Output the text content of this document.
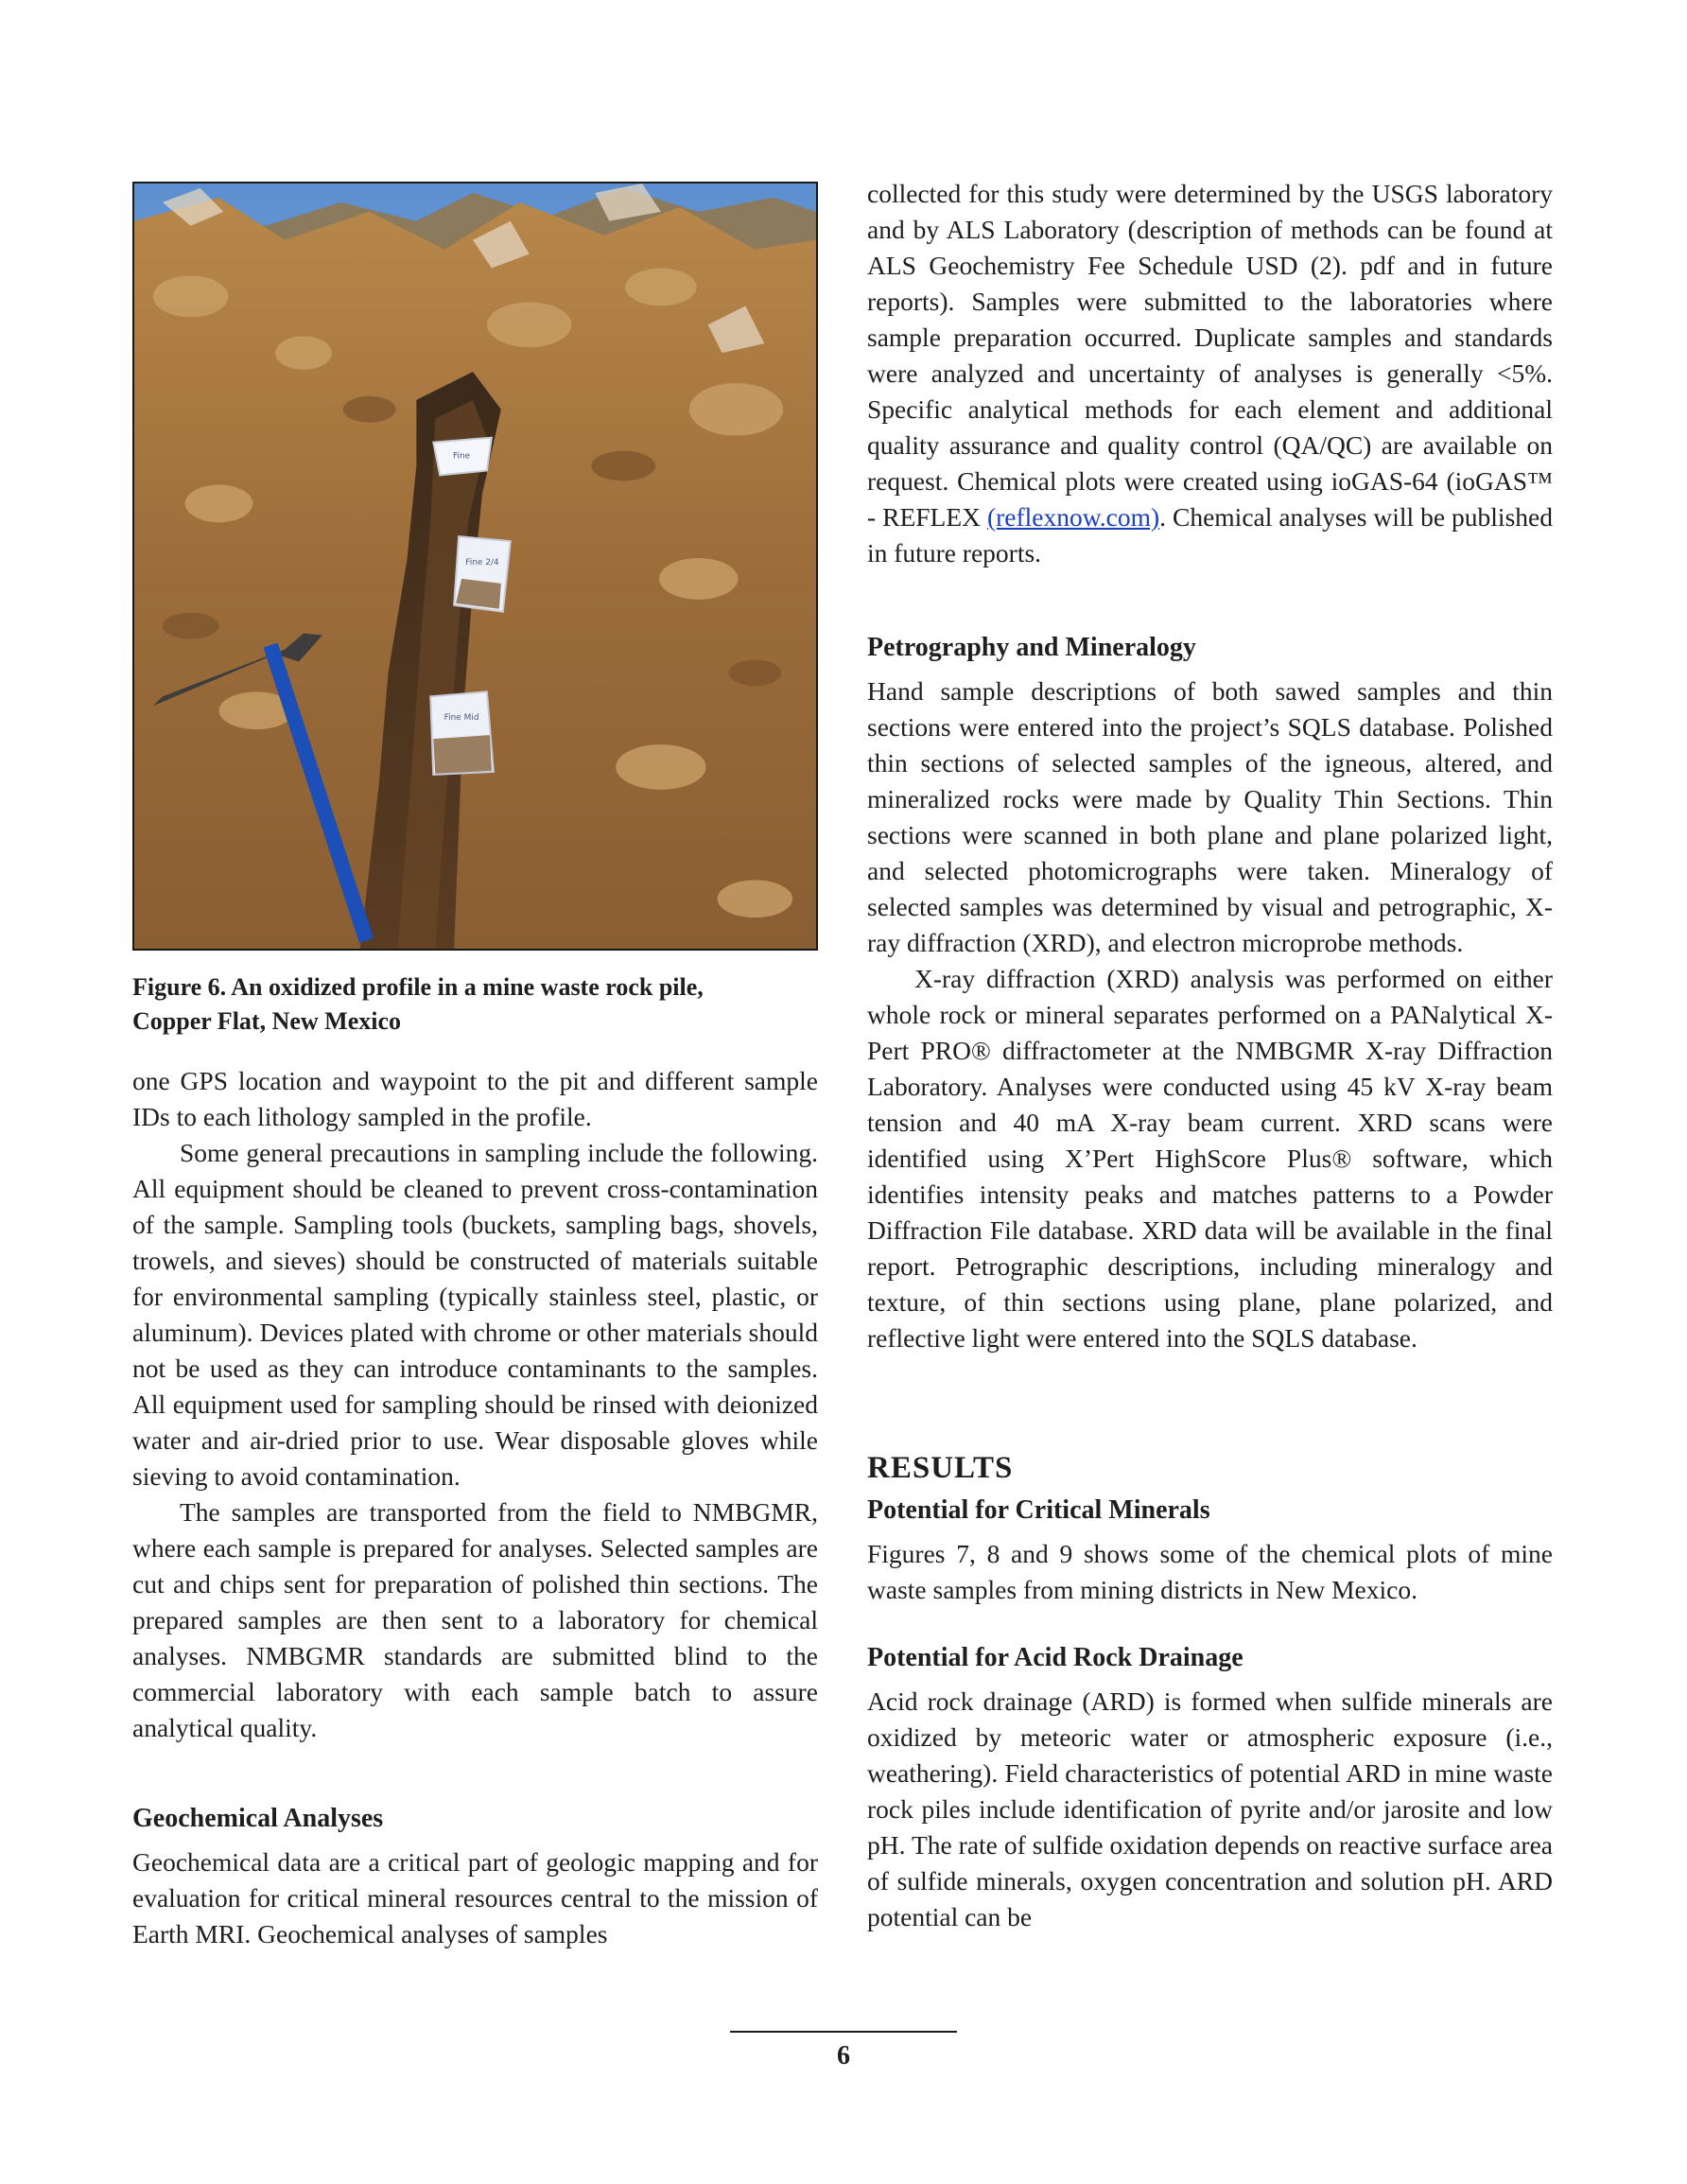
Fine
Fine 2/4
Fine Mid
Figure 6. An oxidized profile in a mine waste rock pile,
Copper Flat, New Mexico

one GPS location and waypoint to the pit and different sample IDs to each lithology sampled in the profile.

Some general precautions in sampling include the following. All equipment should be cleaned to prevent cross-contamination of the sample. Sampling tools (buckets, sampling bags, shovels, trowels, and sieves) should be constructed of materials suitable for environmental sampling (typically stainless steel, plastic, or aluminum). Devices plated with chrome or other materials should not be used as they can introduce contaminants to the samples. All equipment used for sampling should be rinsed with deionized water and air-dried prior to use. Wear disposable gloves while sieving to avoid contamination.

The samples are transported from the field to NMBGMR, where each sample is prepared for analyses. Selected samples are cut and chips sent for preparation of polished thin sections. The prepared samples are then sent to a laboratory for chemical analyses. NMBGMR standards are submitted blind to the commercial laboratory with each sample batch to assure analytical quality.

Geochemical Analyses

Geochemical data are a critical part of geologic mapping and for evaluation for critical mineral resources central to the mission of Earth MRI. Geochemical analyses of samples

collected for this study were determined by the USGS laboratory and by ALS Laboratory (description of methods can be found at ALS Geochemistry Fee Schedule USD (2). pdf and in future reports). Samples were submitted to the laboratories where sample preparation occurred. Duplicate samples and standards were analyzed and uncertainty of analyses is generally <5%. Specific analytical methods for each element and additional quality assurance and quality control (QA/QC) are available on request. Chemical plots were created using ioGAS-64 (ioGAS™ - REFLEX (reflexnow.com). Chemical analyses will be published in future reports.

Petrography and Mineralogy

Hand sample descriptions of both sawed samples and thin sections were entered into the project’s SQLS database. Polished thin sections of selected samples of the igneous, altered, and mineralized rocks were made by Quality Thin Sections. Thin sections were scanned in both plane and plane polarized light, and selected photomicrographs were taken. Mineralogy of selected samples was determined by visual and petrographic, X-ray diffraction (XRD), and electron microprobe methods.

X-ray diffraction (XRD) analysis was performed on either whole rock or mineral separates performed on a PANalytical X- Pert PRO® diffractometer at the NMBGMR X-ray Diffraction Laboratory. Analyses were conducted using 45 kV X-ray beam tension and 40 mA X-ray beam current. XRD scans were identified using X’Pert HighScore Plus® software, which identifies intensity peaks and matches patterns to a Powder Diffraction File database. XRD data will be available in the final report. Petrographic descriptions, including mineralogy and texture, of thin sections using plane, plane polarized, and reflective light were entered into the SQLS database.

RESULTS

Potential for Critical Minerals

Figures 7, 8 and 9 shows some of the chemical plots of mine waste samples from mining districts in New Mexico.

Potential for Acid Rock Drainage

Acid rock drainage (ARD) is formed when sulfide minerals are oxidized by meteoric water or atmospheric exposure (i.e., weathering). Field characteristics of potential ARD in mine waste rock piles include identification of pyrite and/or jarosite and low pH. The rate of sulfide oxidation depends on reactive surface area of sulfide minerals, oxygen concentration and solution pH. ARD potential can be

6
